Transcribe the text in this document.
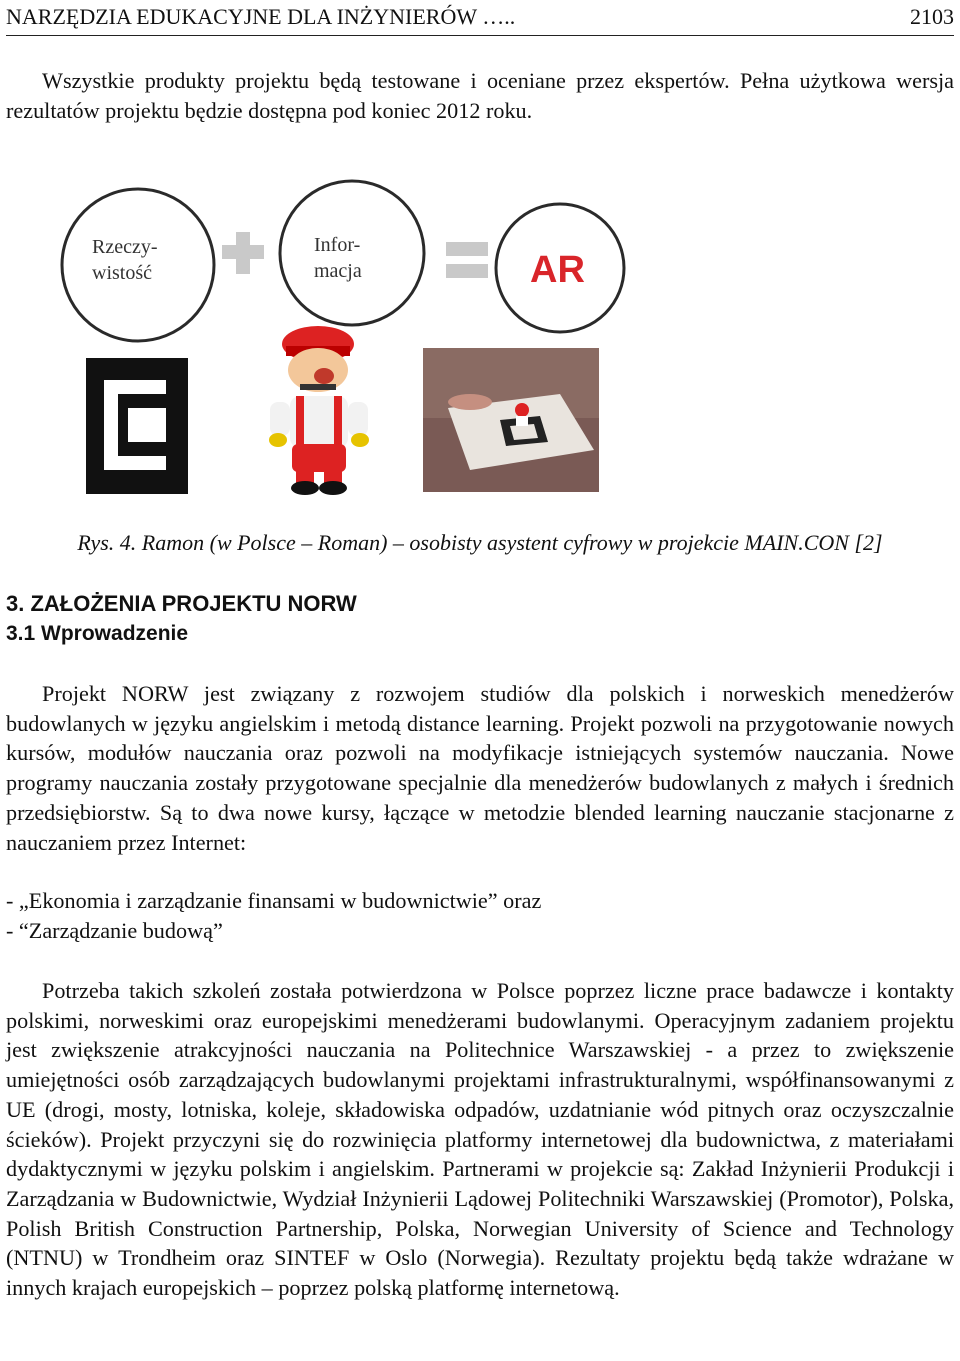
NARZĘDZIA EDUKACYJNE DLA INŻYNIERÓW …..	2103

Wszystkie produkty projektu będą testowane i oceniane przez ekspertów. Pełna użytkowa wersja rezultatów projektu będzie dostępna pod koniec 2012 roku.

AR
Rzeczy-
wistość
Infor-
macja
Rys. 4. Ramon (w Polsce – Roman) – osobisty asystent cyfrowy w projekcie MAIN.CON [2]
3. ZAŁOŻENIA PROJEKTU NORW
3.1 Wprowadzenie

Projekt NORW jest związany z rozwojem studiów dla polskich i norweskich menedżerów budowlanych w języku angielskim i metodą distance learning. Projekt pozwoli na przygotowanie nowych kursów, modułów nauczania oraz pozwoli na modyfikacje istniejących systemów nauczania. Nowe programy nauczania zostały przygotowane specjalnie dla menedżerów budowlanych z małych i średnich przedsiębiorstw. Są to dwa nowe kursy, łączące w metodzie blended learning nauczanie stacjonarne z nauczaniem przez Internet:

- „Ekonomia i zarządzanie finansami w budownictwie” oraz
- “Zarządzanie budową”

Potrzeba takich szkoleń została potwierdzona w Polsce poprzez liczne prace badawcze i kontakty polskimi, norweskimi oraz europejskimi menedżerami budowlanymi. Operacyjnym zadaniem projektu jest zwiększenie atrakcyjności nauczania na Politechnice Warszawskiej - a przez to zwiększenie umiejętności osób zarządzających budowlanymi projektami infrastrukturalnymi, współfinansowanymi z UE (drogi, mosty, lotniska, koleje, składowiska odpadów, uzdatnianie wód pitnych oraz oczyszczalnie ścieków). Projekt przyczyni się do rozwinięcia platformy internetowej dla budownictwa, z materiałami dydaktycznymi w języku polskim i angielskim. Partnerami w projekcie są: Zakład Inżynierii Produkcji i Zarządzania w Budownictwie, Wydział Inżynierii Lądowej Politechniki Warszawskiej (Promotor), Polska, Polish British Construction Partnership, Polska, Norwegian University of Science and Technology (NTNU) w Trondheim oraz SINTEF w Oslo (Norwegia). Rezultaty projektu będą także wdrażane w innych krajach europejskich – poprzez polską platformę internetową.
